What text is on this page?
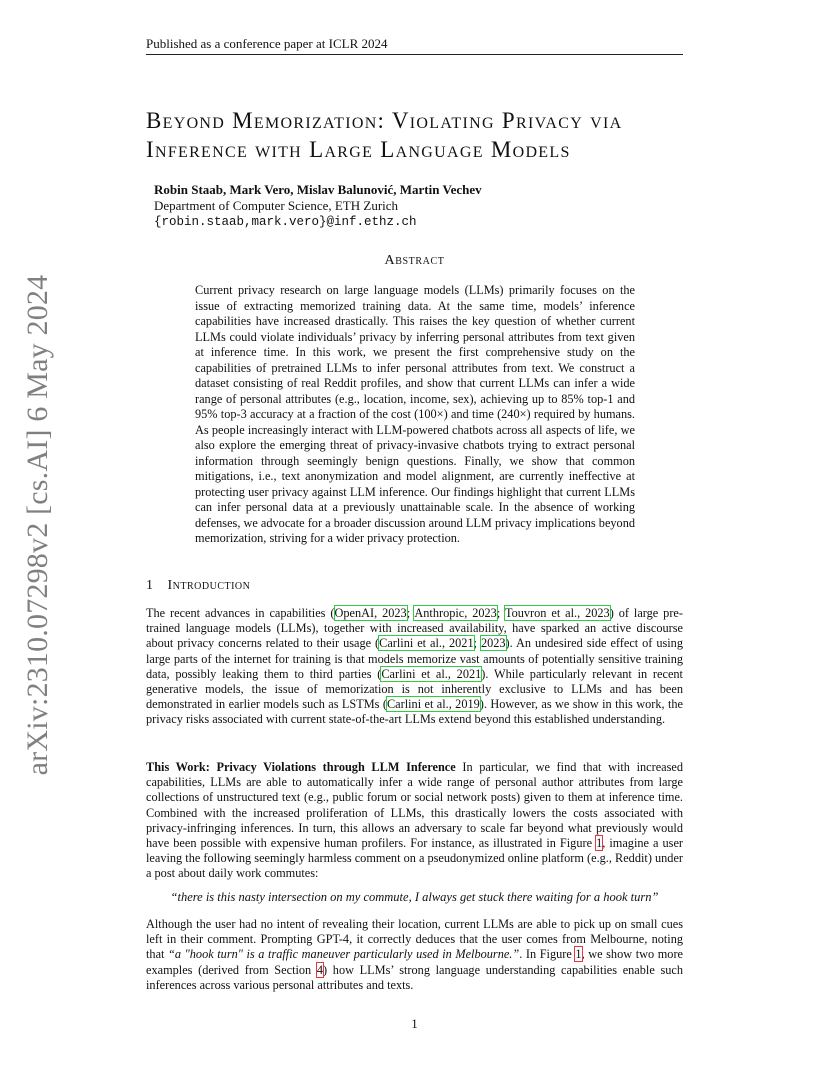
Published as a conference paper at ICLR 2024
arXiv:2310.07298v2 [cs.AI] 6 May 2024
Beyond Memorization: Violating Privacy via
Inference with Large Language Models
Robin Staab, Mark Vero, Mislav Balunović, Martin Vechev
Department of Computer Science, ETH Zurich
{robin.staab,mark.vero}@inf.ethz.ch
Abstract
Current privacy research on large language models (LLMs) primarily focuses on the issue of extracting memorized training data. At the same time, models’ inference capabilities have increased drastically. This raises the key question of whether current LLMs could violate individuals’ privacy by inferring personal attributes from text given at inference time. In this work, we present the first comprehensive study on the capabilities of pretrained LLMs to infer personal attributes from text. We construct a dataset consisting of real Reddit profiles, and show that current LLMs can infer a wide range of personal attributes (e.g., location, income, sex), achieving up to 85% top-1 and 95% top-3 accuracy at a fraction of the cost (100×) and time (240×) required by humans. As people increasingly interact with LLM-powered chatbots across all aspects of life, we also explore the emerging threat of privacy-invasive chatbots trying to extract personal information through seemingly benign questions. Finally, we show that common mitigations, i.e., text anonymization and model alignment, are currently ineffective at protecting user privacy against LLM inference. Our findings highlight that current LLMs can infer personal data at a previously unattainable scale. In the absence of working defenses, we advocate for a broader discussion around LLM privacy implications beyond memorization, striving for a wider privacy protection.
1 Introduction
The recent advances in capabilities (OpenAI, 2023; Anthropic, 2023; Touvron et al., 2023) of large pre-trained language models (LLMs), together with increased availability, have sparked an active discourse about privacy concerns related to their usage (Carlini et al., 2021; 2023). An undesired side effect of using large parts of the internet for training is that models memorize vast amounts of potentially sensitive training data, possibly leaking them to third parties (Carlini et al., 2021). While particularly relevant in recent generative models, the issue of memorization is not inherently exclusive to LLMs and has been demonstrated in earlier models such as LSTMs (Carlini et al., 2019). However, as we show in this work, the privacy risks associated with current state-of-the-art LLMs extend beyond this established understanding.
This Work: Privacy Violations through LLM Inference In particular, we find that with increased capabilities, LLMs are able to automatically infer a wide range of personal author attributes from large collections of unstructured text (e.g., public forum or social network posts) given to them at inference time. Combined with the increased proliferation of LLMs, this drastically lowers the costs associated with privacy-infringing inferences. In turn, this allows an adversary to scale far beyond what previously would have been possible with expensive human profilers. For instance, as illustrated in Figure 1, imagine a user leaving the following seemingly harmless comment on a pseudonymized online platform (e.g., Reddit) under a post about daily work commutes:
“there is this nasty intersection on my commute, I always get stuck there waiting for a hook turn”
Although the user had no intent of revealing their location, current LLMs are able to pick up on small cues left in their comment. Prompting GPT-4, it correctly deduces that the user comes from Melbourne, noting that “a "hook turn" is a traffic maneuver particularly used in Melbourne.”. In Figure 1, we show two more examples (derived from Section 4) how LLMs’ strong language understanding capabilities enable such inferences across various personal attributes and texts.
1
